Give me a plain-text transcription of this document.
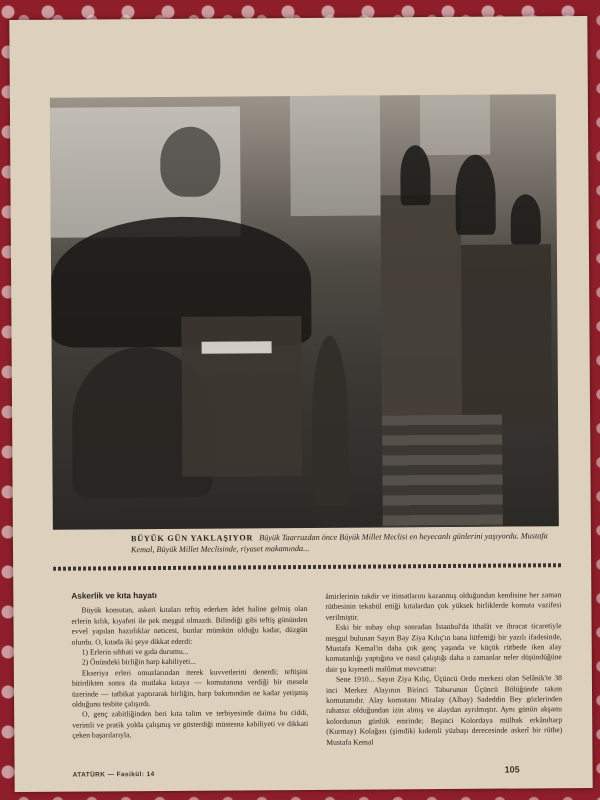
BÜYÜK GÜN YAKLAŞIYOR Büyük Taarruzdan önce Büyük Millet Meclisi en heyecanlı günlerini yaşıyordu. Mustafa Kemal, Büyük Millet Meclisinde, riyaset makamında...
Askerlik ve kıta hayatı

Büyük komutan, askeri kıtaları teftiş ederken âdet haline gelmiş olan erlerin kılık, kıyafeti ile pek meşgul olmazdı. Bilindiği gibi teftiş gününden evvel yapılan hazırlıklar neticesi, bunlar mümkün olduğu kadar, düzgün olurdu. O, kıtada iki şeye dikkat ederdi:

1) Erlerin sıhhati ve gıda durumu...

2) Önündeki birliğin harp kabiliyeti...

Ekseriya erleri omuzlarından iterek kuvvetlerini denerdi; teftişini bitirdikten sonra da mutlaka kıtaya — komutanına verdiği bir mesele üzerinde — tatbikat yaptırarak birliğin, harp bakımından ne kadar yetişmiş olduğunu tesbite çalışırdı.

O, genç zabitliğinden beri kıta talim ve terbiyesinde daima bu ciddi, verimli ve pratik yolda çalışmış ve gösterdiği müstesna kabiliyeti ve dikkati çeken başarılarıyla,

âmirlerinin takdir ve itimatlarını kazanmış olduğundan kendisine her zaman rütbesinin tekabül ettiği kıtalardan çok yüksek birliklerde komuta vazifesi verilmiştir.

Eski bir subay olup sonradan İstanbul'da ithalât ve ihracat ticaretiyle meşgul bulunan Sayın Bay Ziya Kılıç'ın bana lütfettiği bir yazılı ifadesinde, Mustafa Kemal'in daha çok genç yaşında ve küçük rütbede iken alay komutanlığı yaptığına ve nasıl çalıştığı daha o zamanlar neler düşündüğüne dair şu kıymetli malûmat mevcuttur:

Sene 1910... Sayın Ziya Kılıç, Üçüncü Ordu merkezi olan Selânik'te 38 inci Merkez Alayının Birinci Taburunun Üçüncü Bölüğünde takım komutanıdır. Alay komutanı Miralay (Albay) Sadeddin Bey gözlerinden rahatsız olduğundan izin almış ve alaydan ayrılmıştır. Aynı günün akşamı kolordunun günlük emrinde; Beşinci Kolordaya mülhak erkânıharp (Kurmay) Kolağası (şimdiki kıdemli yüzbaşı derecesinde askerî bir rütbe) Mustafa Kemal

ATATÜRK — Fasikül: 14
105
